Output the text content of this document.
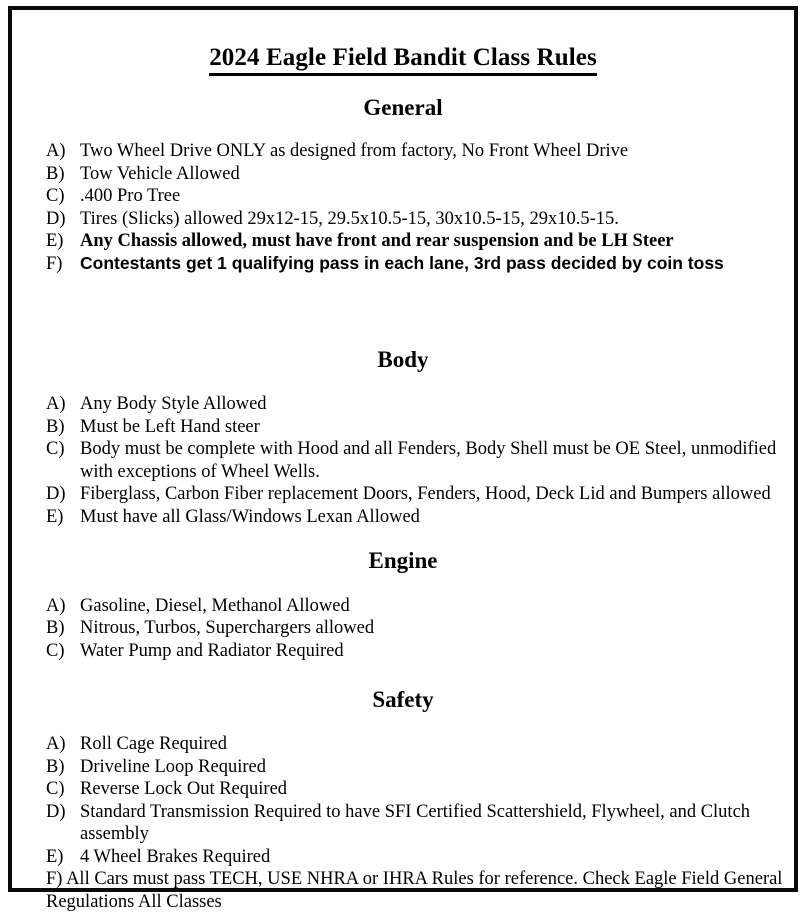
2024 Eagle Field Bandit Class Rules
General
A) Two Wheel Drive ONLY as designed from factory, No Front Wheel Drive
B) Tow Vehicle Allowed
C) .400 Pro Tree
D) Tires (Slicks) allowed 29x12-15, 29.5x10.5-15, 30x10.5-15, 29x10.5-15.
E) Any Chassis allowed, must have front and rear suspension and be LH Steer
F) Contestants get 1 qualifying pass in each lane, 3rd pass decided by coin toss
Body
A) Any Body Style Allowed
B) Must be Left Hand steer
C) Body must be complete with Hood and all Fenders, Body Shell must be OE Steel, unmodified with exceptions of Wheel Wells.
D) Fiberglass, Carbon Fiber replacement Doors, Fenders, Hood, Deck Lid and Bumpers allowed
E) Must have all Glass/Windows Lexan Allowed
Engine
A) Gasoline, Diesel, Methanol Allowed
B) Nitrous, Turbos, Superchargers allowed
C) Water Pump and Radiator Required
Safety
A) Roll Cage Required
B) Driveline Loop Required
C) Reverse Lock Out Required
D) Standard Transmission Required to have SFI Certified Scattershield, Flywheel, and Clutch assembly
E) 4 Wheel Brakes Required
F) All Cars must pass TECH, USE NHRA or IHRA Rules for reference. Check Eagle Field General Regulations All Classes
